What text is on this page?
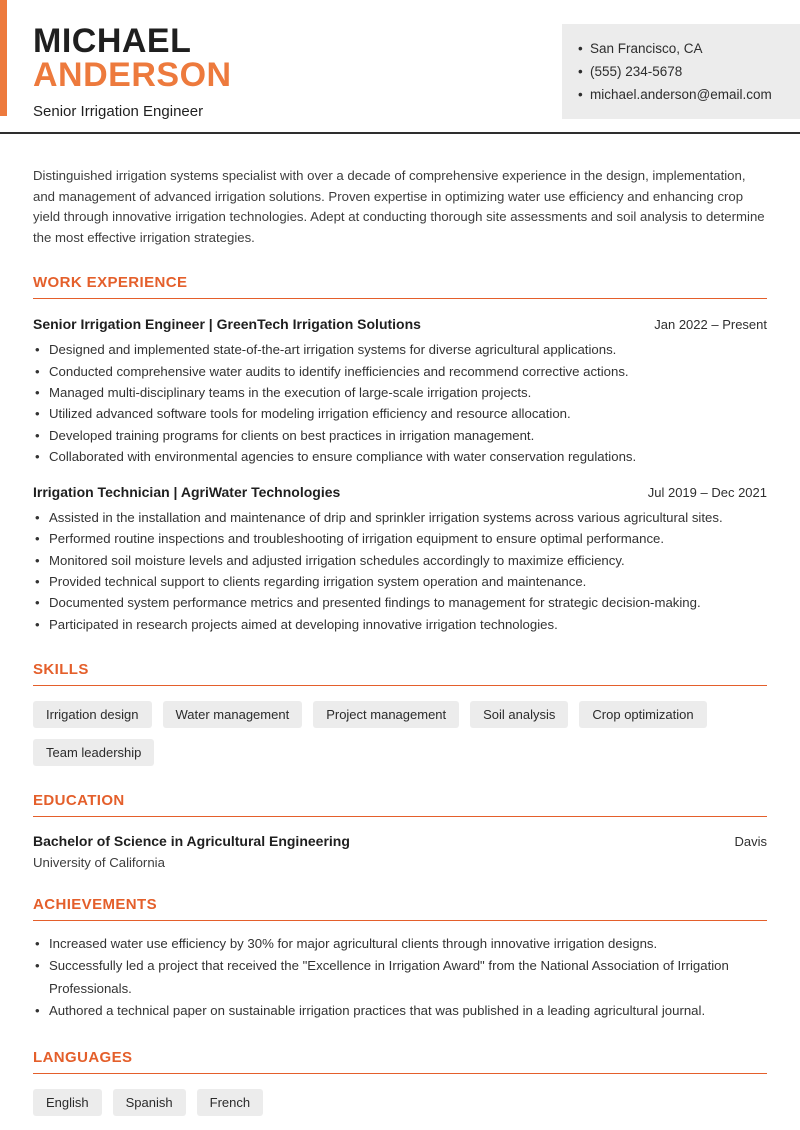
MICHAEL
ANDERSON
Senior Irrigation Engineer
• San Francisco, CA
• (555) 234-5678
• michael.anderson@email.com

Distinguished irrigation systems specialist with over a decade of comprehensive experience in the design, implementation, and management of advanced irrigation solutions. Proven expertise in optimizing water use efficiency and enhancing crop yield through innovative irrigation technologies. Adept at conducting thorough site assessments and soil analysis to determine the most effective irrigation strategies.

WORK EXPERIENCE
Senior Irrigation Engineer | GreenTech Irrigation Solutions	Jan 2022 – Present
• Designed and implemented state-of-the-art irrigation systems for diverse agricultural applications.
• Conducted comprehensive water audits to identify inefficiencies and recommend corrective actions.
• Managed multi-disciplinary teams in the execution of large-scale irrigation projects.
• Utilized advanced software tools for modeling irrigation efficiency and resource allocation.
• Developed training programs for clients on best practices in irrigation management.
• Collaborated with environmental agencies to ensure compliance with water conservation regulations.
Irrigation Technician | AgriWater Technologies	Jul 2019 – Dec 2021
• Assisted in the installation and maintenance of drip and sprinkler irrigation systems across various agricultural sites.
• Performed routine inspections and troubleshooting of irrigation equipment to ensure optimal performance.
• Monitored soil moisture levels and adjusted irrigation schedules accordingly to maximize efficiency.
• Provided technical support to clients regarding irrigation system operation and maintenance.
• Documented system performance metrics and presented findings to management for strategic decision-making.
• Participated in research projects aimed at developing innovative irrigation technologies.
SKILLS
Irrigation design	Water management	Project management	Soil analysis	Crop optimization
Team leadership
EDUCATION
Bachelor of Science in Agricultural Engineering	Davis
University of California
ACHIEVEMENTS
• Increased water use efficiency by 30% for major agricultural clients through innovative irrigation designs.
• Successfully led a project that received the "Excellence in Irrigation Award" from the National Association of Irrigation Professionals.
• Authored a technical paper on sustainable irrigation practices that was published in a leading agricultural journal.
LANGUAGES
English	Spanish	French
